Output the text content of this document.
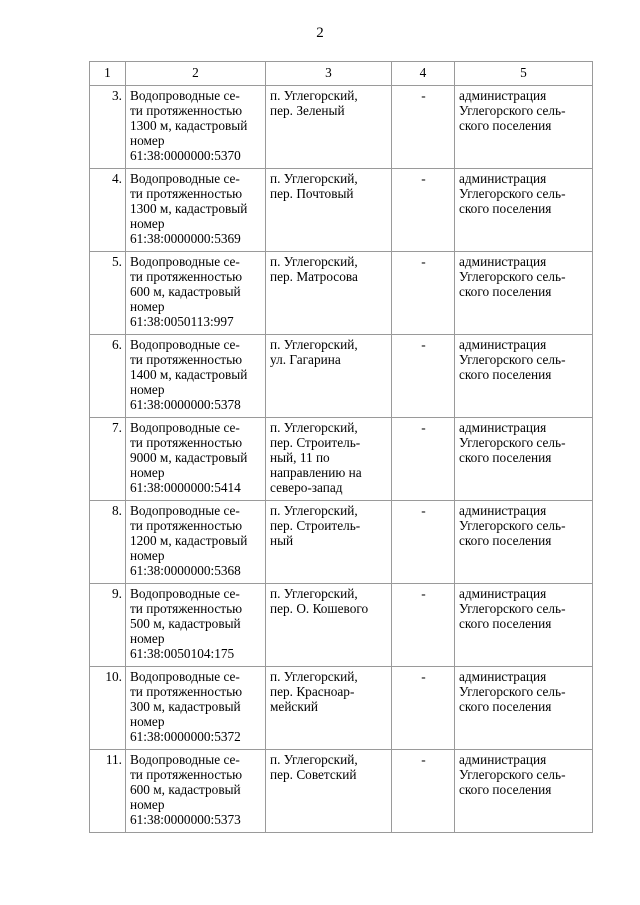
2
1	2	3	4	5
3.	Водопроводные се-
ти протяженностью
1300 м, кадастровый
номер
61:38:0000000:5370	п. Углегорский,
пер. Зеленый	-	администрация
Углегорского сель-
ского поселения

4.	Водопроводные се-
ти протяженностью
1300 м, кадастровый
номер
61:38:0000000:5369	п. Углегорский,
пер. Почтовый	-	администрация
Углегорского сель-
ского поселения

5.	Водопроводные се-
ти протяженностью
600 м, кадастровый
номер
61:38:0050113:997	п. Углегорский,
пер. Матросова	-	администрация
Углегорского сель-
ского поселения

6.	Водопроводные се-
ти протяженностью
1400 м, кадастровый
номер
61:38:0000000:5378	п. Углегорский,
ул. Гагарина	-	администрация
Углегорского сель-
ского поселения

7.	Водопроводные се-
ти протяженностью
9000 м, кадастровый
номер
61:38:0000000:5414	п. Углегорский,
пер. Строитель-
ный, 11 по
направлению на
северо-запад	-	администрация
Углегорского сель-
ского поселения

8.	Водопроводные се-
ти протяженностью
1200 м, кадастровый
номер
61:38:0000000:5368	п. Углегорский,
пер. Строитель-
ный	-	администрация
Углегорского сель-
ского поселения

9.	Водопроводные се-
ти протяженностью
500 м, кадастровый
номер
61:38:0050104:175	п. Углегорский,
пер. О. Кошевого	-	администрация
Углегорского сель-
ского поселения

10.	Водопроводные се-
ти протяженностью
300 м, кадастровый
номер
61:38:0000000:5372	п. Углегорский,
пер. Красноар-
мейский	-	администрация
Углегорского сель-
ского поселения

11.	Водопроводные се-
ти протяженностью
600 м, кадастровый
номер
61:38:0000000:5373	п. Углегорский,
пер. Советский	-	администрация
Углегорского сель-
ского поселения
